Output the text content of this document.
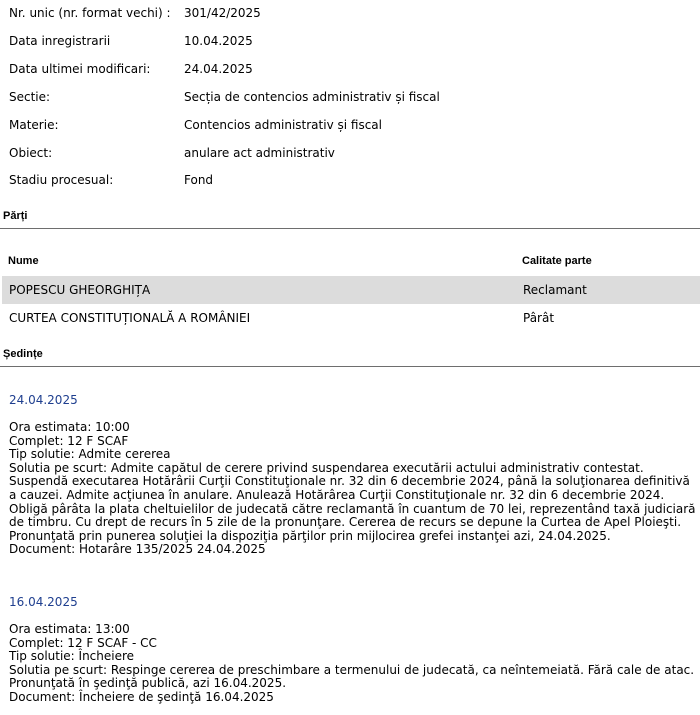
Nr. unic (nr. format vechi) : 301/42/2025
Data inregistrarii	10.04.2025
Data ultimei modificari:	24.04.2025
Sectie:	Secția de contencios administrativ și fiscal
Materie:	Contencios administrativ și fiscal
Obiect:	anulare act administrativ
Stadiu procesual:	Fond
Părți
Nume	Calitate parte
POPESCU GHEORGHIȚA	Reclamant
CURTEA CONSTITUȚIONALĂ A ROMÂNIEI	Pârât
Ședințe
24.04.2025
Ora estimata: 10:00
Complet: 12 F SCAF
Tip solutie: Admite cererea
Solutia pe scurt: Admite capătul de cerere privind suspendarea executării actului administrativ contestat. Suspendă executarea Hotărârii Curţii Constituţionale nr. 32 din 6 decembrie 2024, până la soluţionarea definitivă a cauzei. Admite acţiunea în anulare. Anulează Hotărârea Curţii Constituţionale nr. 32 din 6 decembrie 2024. Obligă pârâta la plata cheltuielilor de judecată către reclamantă în cuantum de 70 lei, reprezentând taxă judiciară de timbru. Cu drept de recurs în 5 zile de la pronunţare. Cererea de recurs se depune la Curtea de Apel Ploieşti. Pronunţată prin punerea soluţiei la dispoziţia părţilor prin mijlocirea grefei instanţei azi, 24.04.2025.
Document: Hotarâre 135/2025 24.04.2025
16.04.2025
Ora estimata: 13:00
Complet: 12 F SCAF - CC
Tip solutie: Încheiere
Solutia pe scurt: Respinge cererea de preschimbare a termenului de judecată, ca neîntemeiată. Fără cale de atac. Pronunţată în şedinţă publică, azi 16.04.2025.
Document: Încheiere de şedinţă 16.04.2025
